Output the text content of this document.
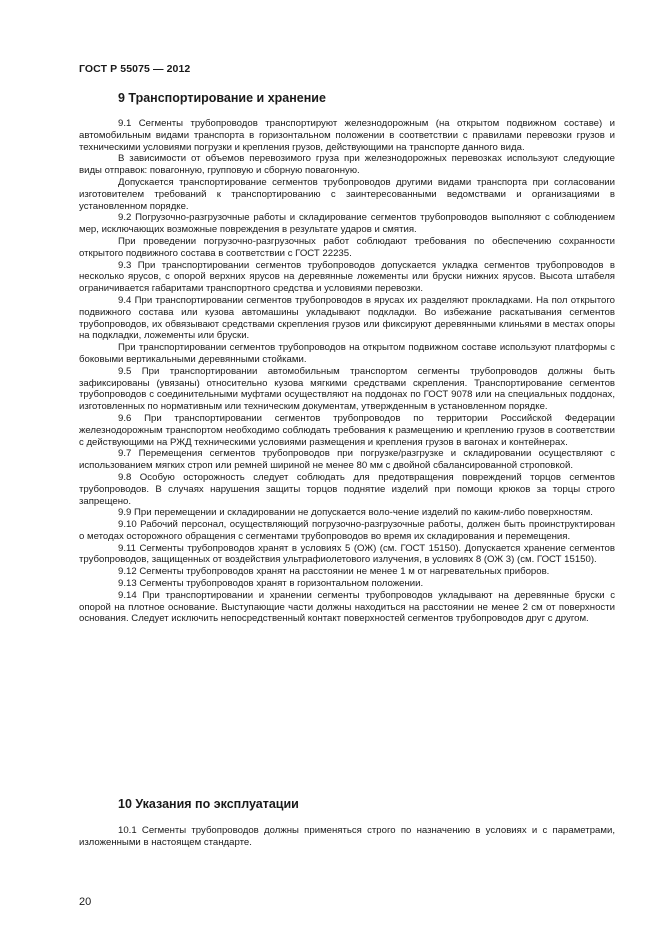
ГОСТ Р 55075 — 2012
9 Транспортирование и хранение

9.1 Сегменты трубопроводов транспортируют железнодорожным (на открытом подвижном составе) и автомобильным видами транспорта в горизонтальном положении в соответствии с правилами перевозки грузов и техническими условиями погрузки и крепления грузов, действующими на транспорте данного вида.

В зависимости от объемов перевозимого груза при железнодорожных перевозках используют следующие виды отправок: повагонную, групповую и сборную повагонную.

Допускается транспортирование сегментов трубопроводов другими видами транспорта при согласовании изготовителем требований к транспортированию с заинтересованными ведомствами и организациями в установленном порядке.

9.2 Погрузочно-разгрузочные работы и складирование сегментов трубопроводов выполняют с соблюдением мер, исключающих возможные повреждения в результате ударов и смятия.

При проведении погрузочно-разгрузочных работ соблюдают требования по обеспечению сохранности открытого подвижного состава в соответствии с ГОСТ 22235.

9.3 При транспортировании сегментов трубопроводов допускается укладка сегментов трубопроводов в несколько ярусов, с опорой верхних ярусов на деревянные ложементы или бруски нижних ярусов. Высота штабеля ограничивается габаритами транспортного средства и условиями перевозки.

9.4 При транспортировании сегментов трубопроводов в ярусах их разделяют прокладками. На пол открытого подвижного состава или кузова автомашины укладывают подкладки. Во избежание раскатывания сегментов трубопроводов, их обвязывают средствами скрепления грузов или фиксируют деревянными клиньями в местах опоры на подкладки, ложементы или бруски.

При транспортировании сегментов трубопроводов на открытом подвижном составе используют платформы с боковыми вертикальными деревянными стойками.

9.5 При транспортировании автомобильным транспортом сегменты трубопроводов должны быть зафиксированы (увязаны) относительно кузова мягкими средствами скрепления. Транспортирование сегментов трубопроводов с соединительными муфтами осуществляют на поддонах по ГОСТ 9078 или на специальных поддонах, изготовленных по нормативным или техническим документам, утвержденным в установленном порядке.

9.6 При транспортировании сегментов трубопроводов по территории Российской Федерации железнодорожным транспортом необходимо соблюдать требования к размещению и креплению грузов в соответствии с действующими на РЖД техническими условиями размещения и крепления грузов в вагонах и контейнерах.

9.7 Перемещения сегментов трубопроводов при погрузке/разгрузке и складировании осуществляют с использованием мягких строп или ремней шириной не менее 80 мм с двойной сбалансированной строповкой.

9.8 Особую осторожность следует соблюдать для предотвращения повреждений торцов сегментов трубопроводов. В случаях нарушения защиты торцов поднятие изделий при помощи крюков за торцы строго запрещено.

9.9 При перемещении и складировании не допускается воло-чение изделий по каким-либо поверхностям.

9.10 Рабочий персонал, осуществляющий погрузочно-разгрузочные работы, должен быть проинструктирован о методах осторожного обращения с сегментами трубопроводов во время их складирования и перемещения.

9.11 Сегменты трубопроводов хранят в условиях 5 (ОЖ) (см. ГОСТ 15150). Допускается хранение сегментов трубопроводов, защищенных от воздействия ультрафиолетового излучения, в условиях 8 (ОЖ 3) (см. ГОСТ 15150).

9.12 Сегменты трубопроводов хранят на расстоянии не менее 1 м от нагревательных приборов.

9.13 Сегменты трубопроводов хранят в горизонтальном положении.

9.14 При транспортировании и хранении сегменты трубопроводов укладывают на деревянные бруски с опорой на плотное основание. Выступающие части должны находиться на расстоянии не менее 2 см от поверхности основания. Следует исключить непосредственный контакт поверхностей сегментов трубопроводов друг с другом.

10 Указания по эксплуатации

10.1 Сегменты трубопроводов должны применяться строго по назначению в условиях и с параметрами, изложенными в настоящем стандарте.

20
